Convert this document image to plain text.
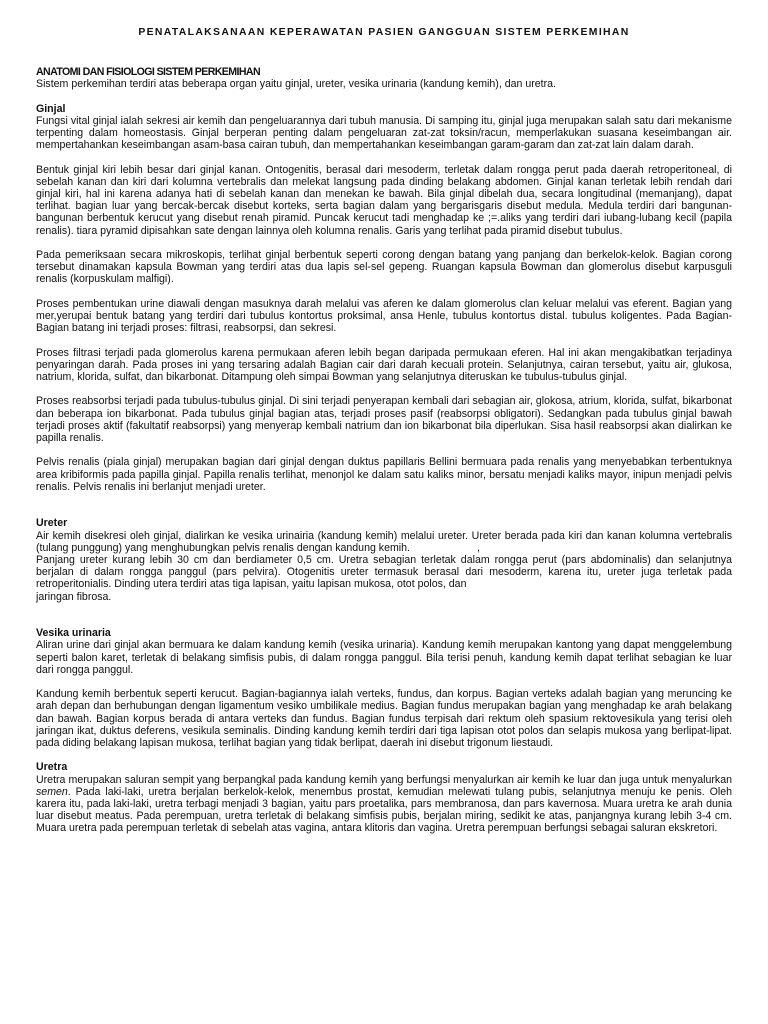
PENATALAKSANAAN KEPERAWATAN PASIEN GANGGUAN SISTEM PERKEMIHAN
ANATOMI DAN FISIOLOGI SISTEM PERKEMIHAN

Sistem perkemihan terdiri atas beberapa organ yaitu ginjal, ureter, vesika urinaria (kandung kemih), dan uretra.

Ginjal

Fungsi vital ginjal ialah sekresi air kemih dan pengeluarannya dari tubuh manusia. Di samping itu, ginjal juga merupakan salah satu dari mekanisme terpenting dalam homeostasis. Ginjal berperan penting dalam pengeluaran zat-zat toksin/racun, memperlakukan suasana keseimbangan air. mempertahankan keseimbangan asam-basa cairan tubuh, dan mempertahankan keseimbangan garam-garam dan zat-zat lain dalam darah.

Bentuk ginjal kiri lebih besar dari ginjal kanan. Ontogenitis, berasal dari mesoderm, terletak dalam rongga perut pada daerah retroperitoneal, di sebelah kanan dan kiri dari kolumna vertebralis dan melekat langsung pada dinding belakang abdomen. Ginjal kanan terletak lebih rendah dari ginjal kiri, hal ini karena adanya hati di sebelah kanan dan menekan ke bawah. Bila ginjal dibelah dua, secara longitudinal (memanjang), dapat terlihat. bagian luar yang bercak-bercak disebut korteks, serta bagian dalam yang bergarisgaris disebut medula. Medula terdiri dari bangunan-bangunan berbentuk kerucut yang disebut renah piramid. Puncak kerucut tadi menghadap ke ;=.aliks yang terdiri dari iubang-lubang kecil (papila renalis). tiara pyramid dipisahkan sate dengan lainnya oleh kolumna renalis. Garis yang terlihat pada piramid disebut tubulus.

Pada pemeriksaan secara mikroskopis, terlihat ginjal berbentuk seperti corong dengan batang yang panjang dan berkelok-kelok. Bagian corong tersebut dinamakan kapsula Bowman yang terdiri atas dua lapis sel-sel gepeng. Ruangan kapsula Bowman dan glomerolus disebut karpusguli renalis (korpuskulam malfigi).

Proses pembentukan urine diawali dengan masuknya darah melalui vas aferen ke dalam glomerolus clan keluar melalui vas eferent. Bagian yang mer,yerupai bentuk batang yang terdiri dari tubulus kontortus proksimal, ansa Henle, tubulus kontortus distal. tubulus koligentes. Pada Bagian-Bagian batang ini terjadi proses: filtrasi, reabsorpsi, dan sekresi.

Proses filtrasi terjadi pada glomerolus karena permukaan aferen lebih began daripada permukaan eferen. Hal ini akan mengakibatkan terjadinya penyaringan darah. Pada proses ini yang tersaring adalah Bagian cair dari darah kecuali protein. Selanjutnya, cairan tersebut, yaitu air, glukosa, natrium, klorida, sulfat, dan bikarbonat. Ditampung oleh simpai Bowman yang selanjutnya diteruskan ke tubulus-tubulus ginjal.

Proses reabsorbsi terjadi pada tubulus-tubulus ginjal. Di sini terjadi penyerapan kembali dari sebagian air, glokosa, atrium, klorida, sulfat, bikarbonat dan beberapa ion bikarbonat. Pada tubulus ginjal bagian atas, terjadi proses pasif (reabsorpsi obligatori). Sedangkan pada tubulus ginjal bawah terjadi proses aktif (fakultatif reabsorpsi) yang menyerap kembali natrium dan ion bikarbonat bila diperlukan. Sisa hasil reabsorpsi akan dialirkan ke papilla renalis.

Pelvis renalis (piala ginjal) merupakan bagian dari ginjal dengan duktus papillaris Bellini bermuara pada renalis yang menyebabkan terbentuknya area kribiformis pada papilla ginjal. Papilla renalis terlihat, menonjol ke dalam satu kaliks minor, bersatu menjadi kaliks mayor, inipun menjadi pelvis renalis. Pelvis renalis ini berlanjut menjadi ureter.

Ureter

Air kemih disekresi oleh ginjal, dialirkan ke vesika urinairia (kandung kemih) melalui ureter. Ureter berada pada kiri dan kanan kolumna vertebralis (tulang punggung) yang menghubungkan pelvis renalis dengan kandung kemih.	,

Panjang ureter kurang lebih 30 cm dan berdiameter 0,5 cm. Uretra sebagian terletak dalam rongga perut (pars abdominalis) dan selanjutnya berjalan di dalam rongga panggul (pars pelvira). Otogenitis ureter termasuk berasal dari mesoderm, karena itu, ureter juga terletak pada retroperitonialis. Dinding utera terdiri atas tiga lapisan, yaitu lapisan mukosa, otot polos, dan

jaringan fibrosa.

Vesika urinaria

Aliran urine dari ginjal akan bermuara ke dalam kandung kemih (vesika urinaria). Kandung kemih merupakan kantong yang dapat menggelembung seperti balon karet, terletak di belakang simfisis pubis, di dalam rongga panggul. Bila terisi penuh, kandung kemih dapat terlihat sebagian ke luar dari rongga panggul.

Kandung kemih berbentuk seperti kerucut. Bagian-bagiannya ialah verteks, fundus, dan korpus. Bagian verteks adalah bagian yang meruncing ke arah depan dan berhubungan dengan ligamentum vesiko umbilikale medius. Bagian fundus merupakan bagian yang menghadap ke arah belakang dan bawah. Bagian korpus berada di antara verteks dan fundus. Bagian fundus terpisah dari rektum oleh spasium rektovesikula yang terisi oleh jaringan ikat, duktus deferens, vesikula seminalis. Dinding kandung kemih terdiri dari tiga lapisan otot polos dan selapis mukosa yang berlipat-lipat. pada diding belakang lapisan mukosa, terlihat bagian yang tidak berlipat, daerah ini disebut trigonum liestaudi.

Uretra

Uretra merupakan saluran sempit yang berpangkal pada kandung kemih yang berfungsi menyalurkan air kemih ke luar dan juga untuk menyalurkan semen. Pada laki-laki, uretra berjalan berkelok-kelok, menembus prostat, kemudian melewati tulang pubis, selanjutnya menuju ke penis. Oleh karera itu, pada laki-laki, uretra terbagi menjadi 3 bagian, yaitu pars proetalika, pars membranosa, dan pars kavernosa. Muara uretra ke arah dunia luar disebut meatus. Pada perempuan, uretra terletak di belakang simfisis pubis, berjalan miring, sedikit ke atas, panjangnya kurang lebih 3-4 cm. Muara uretra pada perempuan terletak di sebelah atas vagina, antara klitoris dan vagina. Uretra perempuan berfungsi sebagai saluran ekskretori.
